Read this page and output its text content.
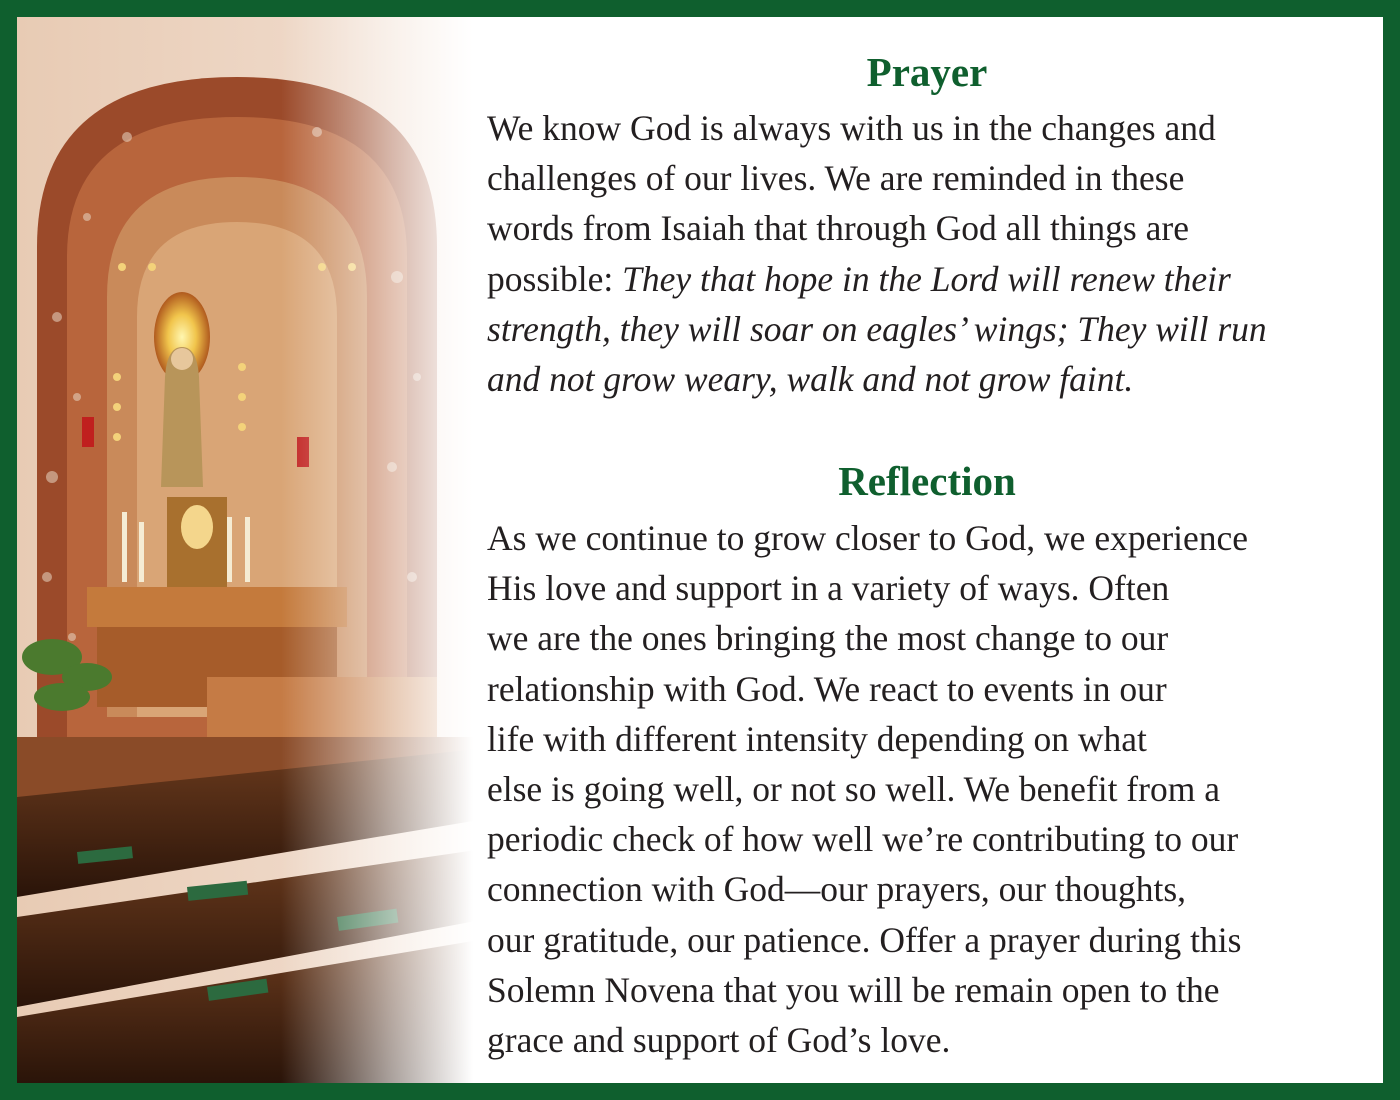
Prayer

We know God is always with us in the changes and
challenges of our lives. We are reminded in these
words from Isaiah that through God all things are
possible: They that hope in the Lord will renew their
strength, they will soar on eagles’ wings; They will run
and not grow weary, walk and not grow faint.

Reflection

As we continue to grow closer to God, we experience
His love and support in a variety of ways. Often
we are the ones bringing the most change to our
relationship with God. We react to events in our
life with different intensity depending on what
else is going well, or not so well. We benefit from a
periodic check of how well we’re contributing to our
connection with God—our prayers, our thoughts,
our gratitude, our patience. Offer a prayer during this
Solemn Novena that you will be remain open to the
grace and support of God’s love.
